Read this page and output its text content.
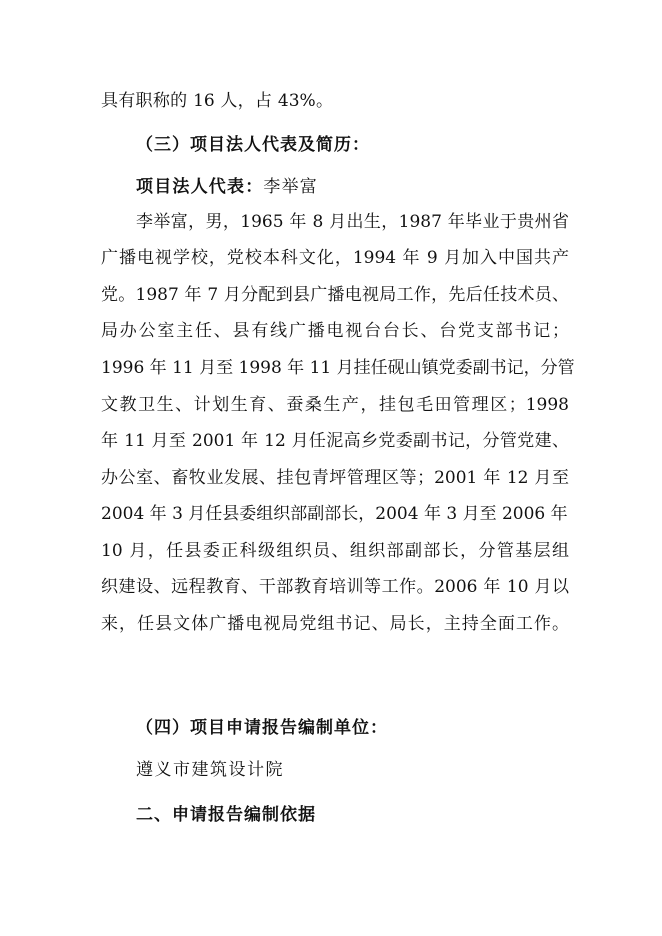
具有职称的 16 人，占 43%。
（三）项目法人代表及简历：
项目法人代表：李举富
李举富，男，1965 年 8 月出生，1987 年毕业于贵州省
广播电视学校，党校本科文化，1994 年 9 月加入中国共产
党。1987 年 7 月分配到县广播电视局工作，先后任技术员、
局办公室主任、县有线广播电视台台长、台党支部书记；
1996 年 11 月至 1998 年 11 月挂任砚山镇党委副书记，分管
文教卫生、计划生育、蚕桑生产，挂包毛田管理区；1998
年 11 月至 2001 年 12 月任泥高乡党委副书记，分管党建、
办公室、畜牧业发展、挂包青坪管理区等；2001 年 12 月至
2004 年 3 月任县委组织部副部长，2004 年 3 月至 2006 年
10 月，任县委正科级组织员、组织部副部长，分管基层组
织建设、远程教育、干部教育培训等工作。2006 年 10 月以
来，任县文体广播电视局党组书记、局长，主持全面工作。
（四）项目申请报告编制单位：
遵义市建筑设计院
二、申请报告编制依据
